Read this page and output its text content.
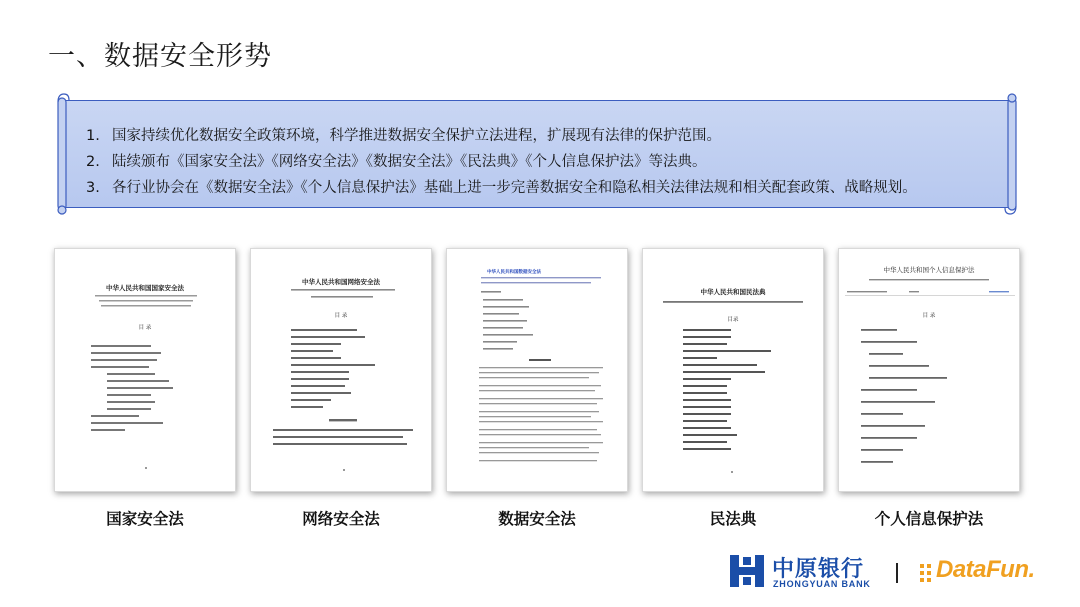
一、数据安全形势
1. 国家持续优化数据安全政策环境，科学推进数据安全保护立法进程，扩展现有法律的保护范围。
2. 陆续颁布《国家安全法》《网络安全法》《数据安全法》《民法典》《个人信息保护法》等法典。
3. 各行业协会在《数据安全法》《个人信息保护法》基础上进一步完善数据安全和隐私相关法律法规和相关配套政策、战略规划。
中华人民共和国国家安全法
目 录
中华人民共和国网络安全法
目 录
中华人民共和国数据安全法
中华人民共和国民法典
目录
中华人民共和国个人信息保护法
目 录
国家安全法	网络安全法	数据安全法	民法典	个人信息保护法
中原银行
ZHONGYUAN BANK
DataFun.
